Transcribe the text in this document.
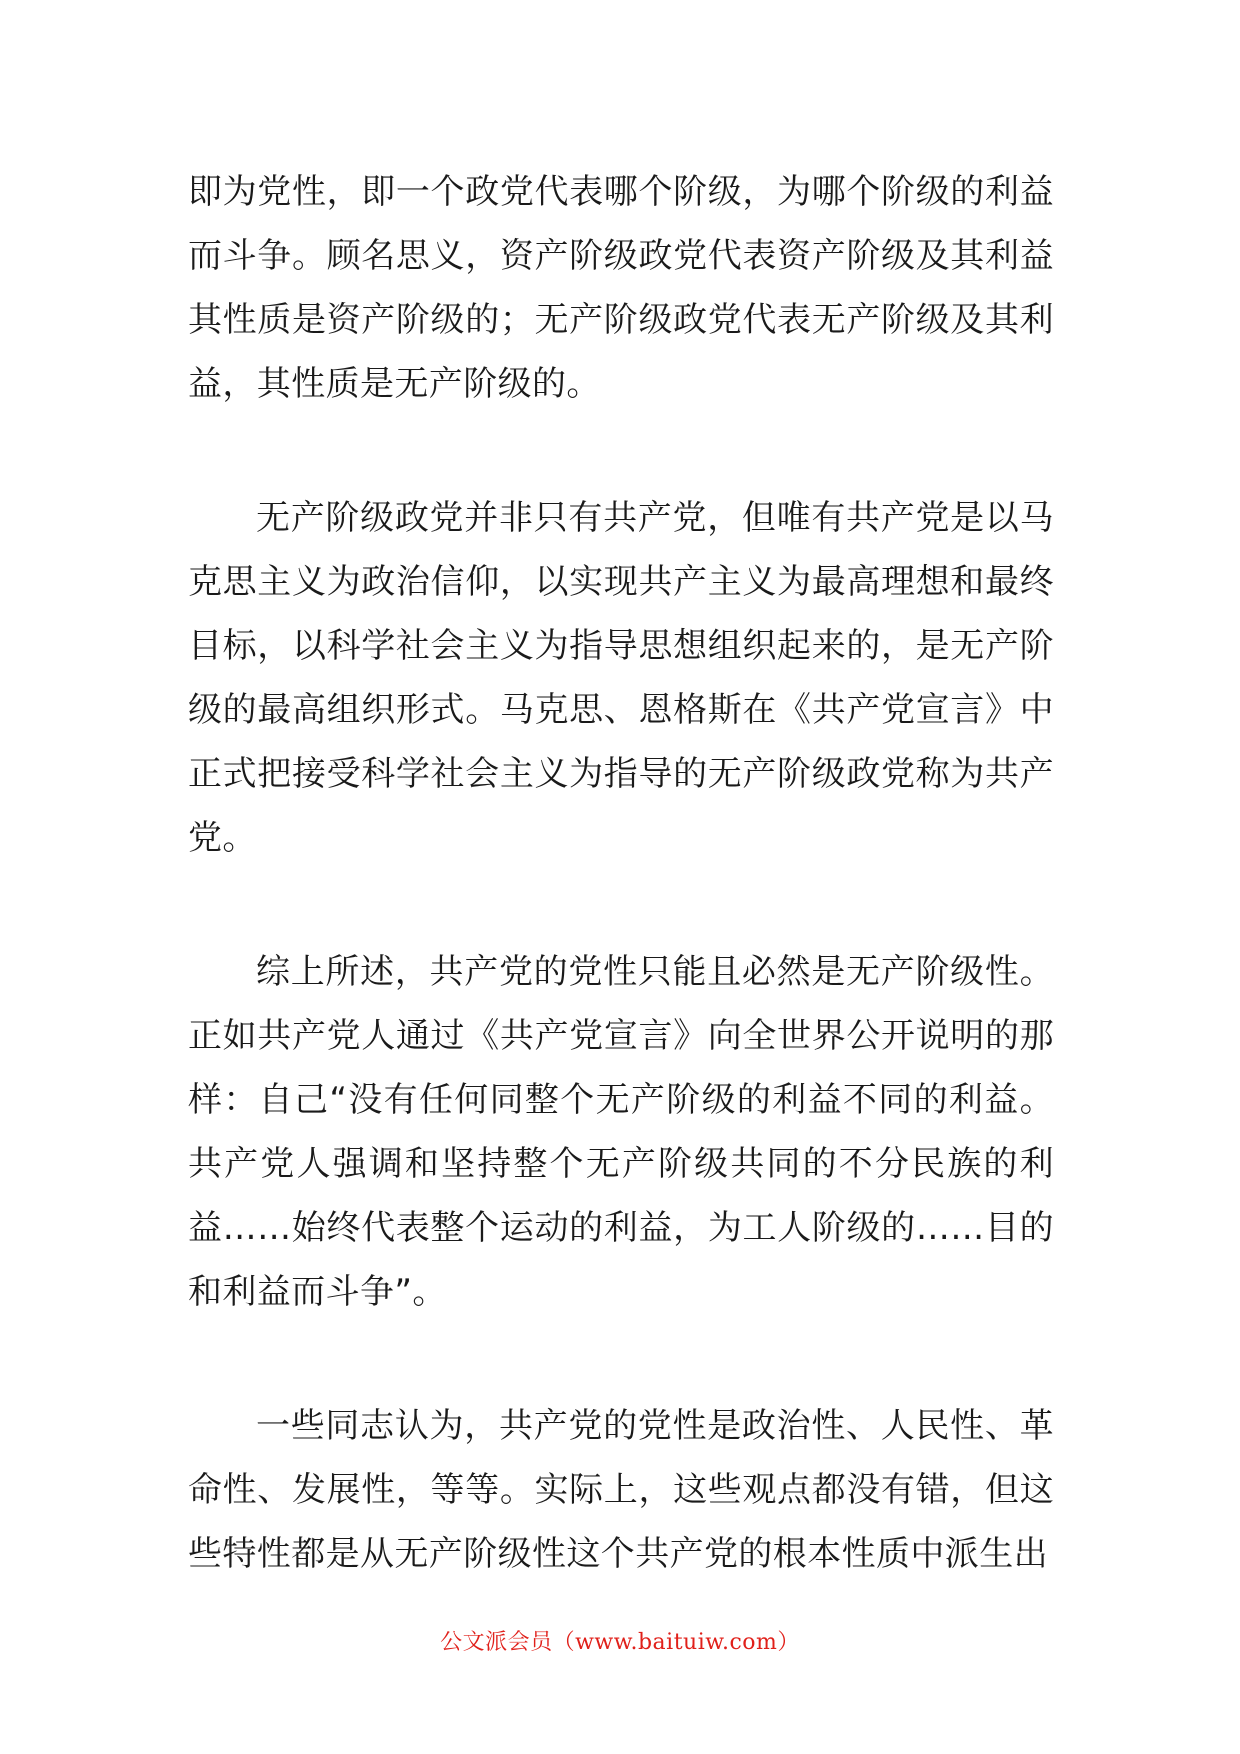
即为党性，即一个政党代表哪个阶级，为哪个阶级的利益而斗争。顾名思义，资产阶级政党代表资产阶级及其利益其性质是资产阶级的；无产阶级政党代表无产阶级及其利益，其性质是无产阶级的。

无产阶级政党并非只有共产党，但唯有共产党是以马克思主义为政治信仰，以实现共产主义为最高理想和最终目标，以科学社会主义为指导思想组织起来的，是无产阶级的最高组织形式。马克思、恩格斯在《共产党宣言》中正式把接受科学社会主义为指导的无产阶级政党称为共产党。

综上所述，共产党的党性只能且必然是无产阶级性。正如共产党人通过《共产党宣言》向全世界公开说明的那样：自己“没有任何同整个无产阶级的利益不同的利益。共产党人强调和坚持整个无产阶级共同的不分民族的利益……始终代表整个运动的利益，为工人阶级的……目的和利益而斗争”。

一些同志认为，共产党的党性是政治性、人民性、革命性、发展性，等等。实际上，这些观点都没有错，但这些特性都是从无产阶级性这个共产党的根本性质中派生出

公文派会员（www.baituiw.com）
